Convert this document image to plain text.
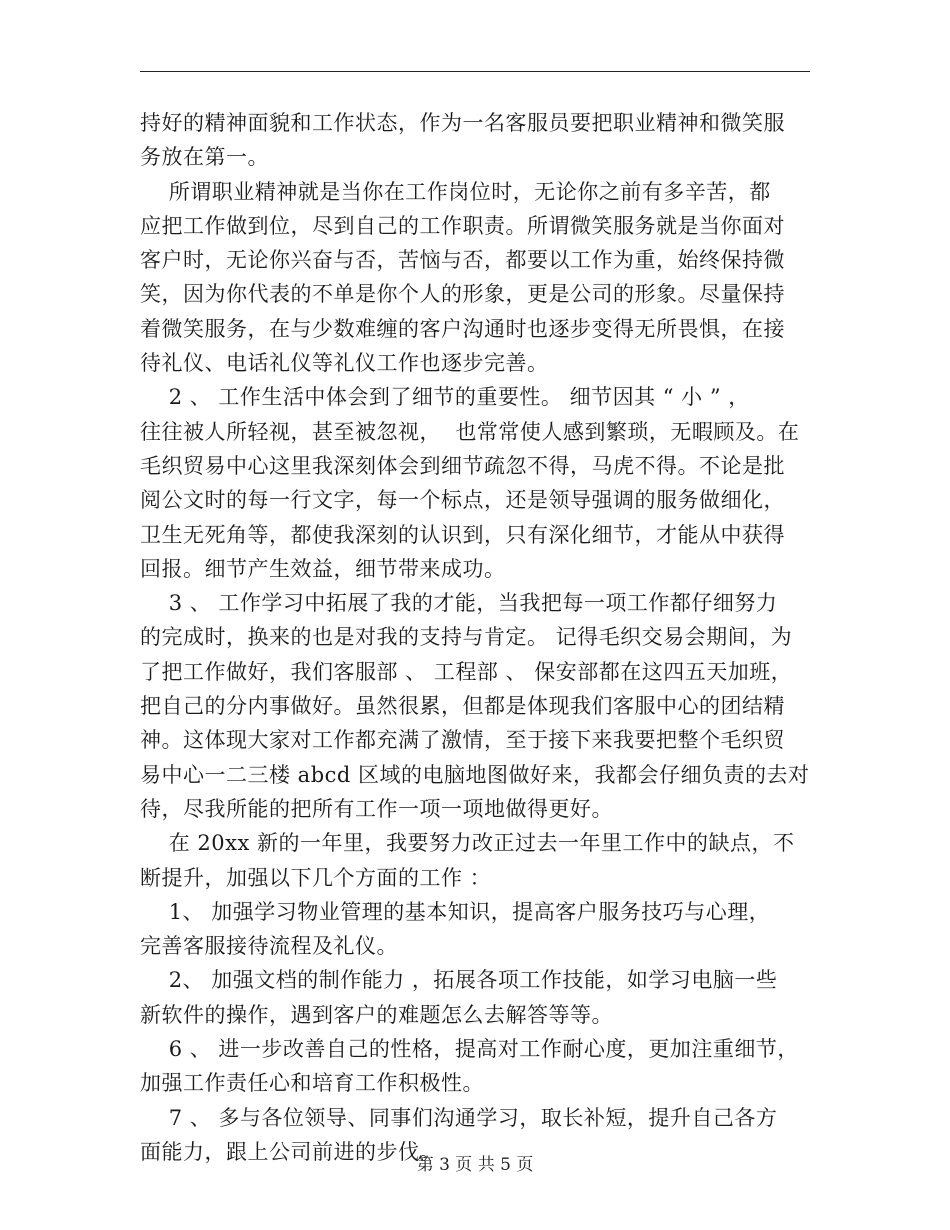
持好的精神面貌和工作状态，作为一名客服员要把职业精神和微笑服
务放在第一。
所谓职业精神就是当你在工作岗位时，无论你之前有多辛苦，都
应把工作做到位，尽到自己的工作职责。所谓微笑服务就是当你面对
客户时，无论你兴奋与否，苦恼与否，都要以工作为重，始终保持微
笑，因为你代表的不单是你个人的形象，更是公司的形象。尽量保持
着微笑服务，在与少数难缠的客户沟通时也逐步变得无所畏惧，在接
待礼仪、电话礼仪等礼仪工作也逐步完善。
2 、 工作生活中体会到了细节的重要性。 细节因其 “ 小 ” ，
往往被人所轻视，甚至被忽视，  也常常使人感到繁琐，无暇顾及。在
毛织贸易中心这里我深刻体会到细节疏忽不得，马虎不得。不论是批
阅公文时的每一行文字，每一个标点，还是领导强调的服务做细化，
卫生无死角等，都使我深刻的认识到，只有深化细节，才能从中获得
回报。细节产生效益，细节带来成功。
3 、 工作学习中拓展了我的才能，当我把每一项工作都仔细努力
的完成时，换来的也是对我的支持与肯定。 记得毛织交易会期间，为
了把工作做好，我们客服部 、 工程部 、 保安部都在这四五天加班，
把自己的分内事做好。虽然很累，但都是体现我们客服中心的团结精
神。这体现大家对工作都充满了激情，至于接下来我要把整个毛织贸
易中心一二三楼 abcd 区域的电脑地图做好来，我都会仔细负责的去对
待，尽我所能的把所有工作一项一项地做得更好。
在 20xx 新的一年里，我要努力改正过去一年里工作中的缺点，不
断提升，加强以下几个方面的工作 ：
1、 加强学习物业管理的基本知识，提高客户服务技巧与心理，
完善客服接待流程及礼仪。
2、 加强文档的制作能力 ，拓展各项工作技能，如学习电脑一些
新软件的操作，遇到客户的难题怎么去解答等等。
6 、 进一步改善自己的性格，提高对工作耐心度，更加注重细节，
加强工作责任心和培育工作积极性。
7 、 多与各位领导、同事们沟通学习，取长补短，提升自己各方
面能力，跟上公司前进的步伐。
第 3 页 共 5 页
